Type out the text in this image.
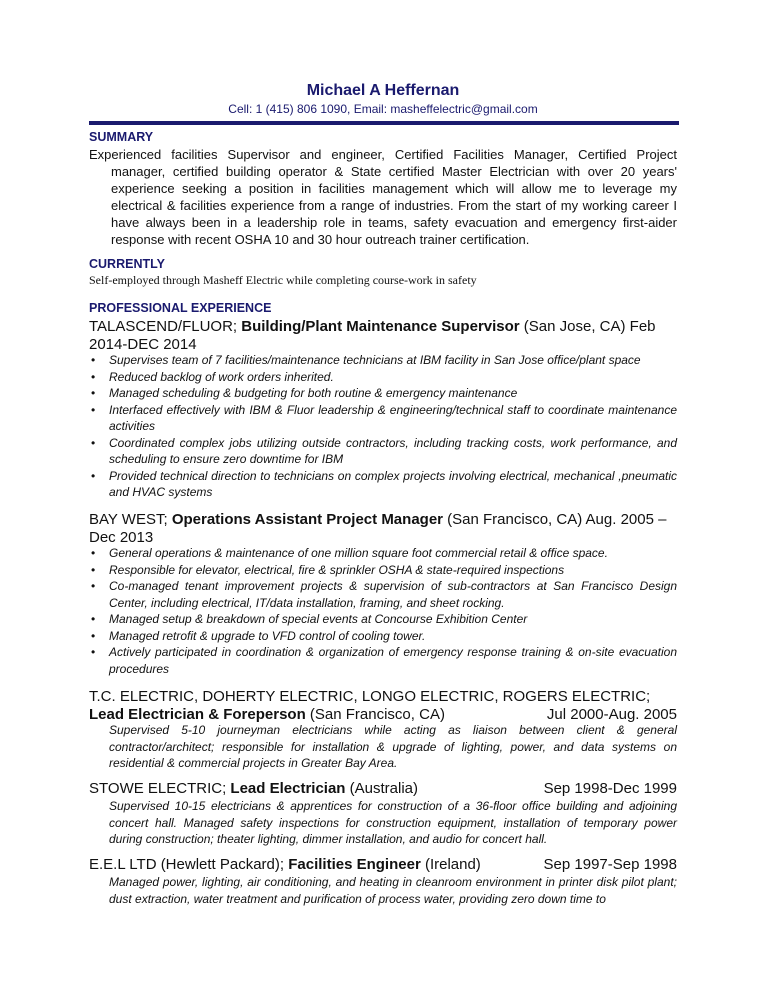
Michael A Heffernan
Cell: 1 (415) 806 1090, Email: masheffelectric@gmail.com
SUMMARY
Experienced facilities Supervisor and engineer, Certified Facilities Manager, Certified Project manager, certified building operator & State certified Master Electrician with over 20 years' experience seeking a position in facilities management which will allow me to leverage my electrical & facilities experience from a range of industries. From the start of my working career I have always been in a leadership role in teams, safety evacuation and emergency first-aider response with recent OSHA 10 and 30 hour outreach trainer certification.
CURRENTLY
Self-employed through Masheff Electric while completing course-work in safety
PROFESSIONAL EXPERIENCE
TALASCEND/FLUOR; Building/Plant Maintenance Supervisor (San Jose, CA) Feb 2014-DEC 2014
• Supervises team of 7 facilities/maintenance technicians at IBM facility in San Jose office/plant space
• Reduced backlog of work orders inherited.
• Managed scheduling & budgeting for both routine & emergency maintenance
• Interfaced effectively with IBM & Fluor leadership & engineering/technical staff to coordinate maintenance activities
• Coordinated complex jobs utilizing outside contractors, including tracking costs, work performance, and scheduling to ensure zero downtime for IBM
• Provided technical direction to technicians on complex projects involving electrical, mechanical ,pneumatic and HVAC systems
BAY WEST; Operations Assistant Project Manager (San Francisco, CA) Aug. 2005 – Dec 2013
• General operations & maintenance of one million square foot commercial retail & office space.
• Responsible for elevator, electrical, fire & sprinkler OSHA & state-required inspections
• Co-managed tenant improvement projects & supervision of sub-contractors at San Francisco Design Center, including electrical, IT/data installation, framing, and sheet rocking.
• Managed setup & breakdown of special events at Concourse Exhibition Center
• Managed retrofit & upgrade to VFD control of cooling tower.
• Actively participated in coordination & organization of emergency response training & on-site evacuation procedures
T.C. ELECTRIC, DOHERTY ELECTRIC, LONGO ELECTRIC, ROGERS ELECTRIC;
Lead Electrician & Foreperson (San Francisco, CA)	Jul 2000-Aug. 2005
Supervised 5-10 journeyman electricians while acting as liaison between client & general contractor/architect; responsible for installation & upgrade of lighting, power, and data systems on residential & commercial projects in Greater Bay Area.
STOWE ELECTRIC; Lead Electrician (Australia)	Sep 1998-Dec 1999
Supervised 10-15 electricians & apprentices for construction of a 36-floor office building and adjoining concert hall. Managed safety inspections for construction equipment, installation of temporary power during construction; theater lighting, dimmer installation, and audio for concert hall.
E.E.L LTD (Hewlett Packard); Facilities Engineer (Ireland)	Sep 1997-Sep 1998
Managed power, lighting, air conditioning, and heating in cleanroom environment in printer disk pilot plant; dust extraction, water treatment and purification of process water, providing zero down time to
